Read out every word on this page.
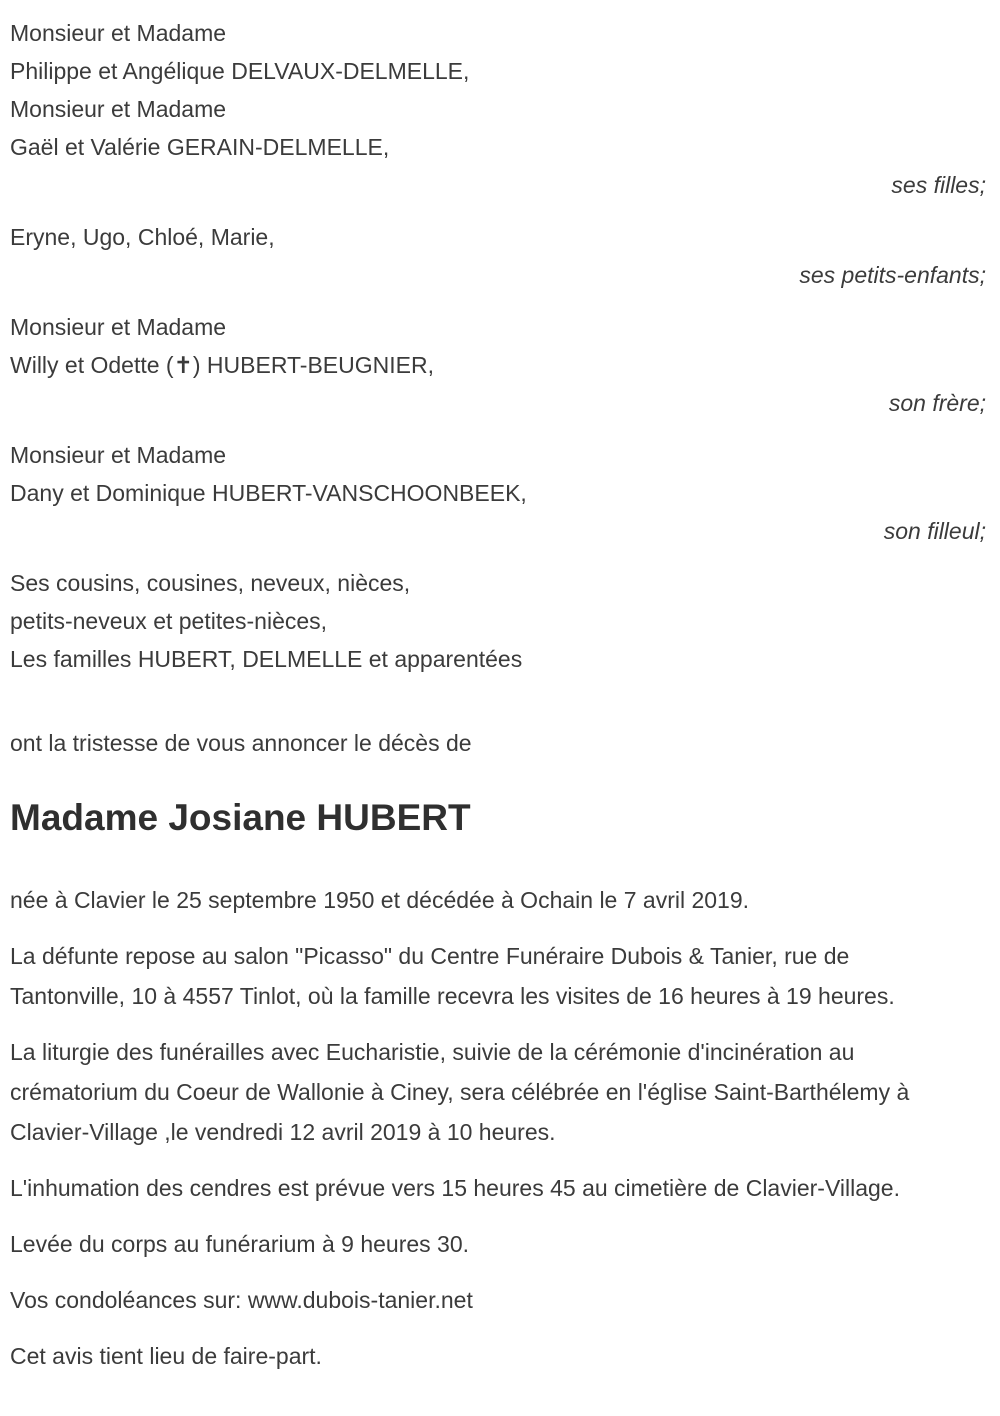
Monsieur et Madame
Philippe et Angélique DELVAUX-DELMELLE,
Monsieur et Madame
Gaël et Valérie GERAIN-DELMELLE,
ses filles;
Eryne, Ugo, Chloé, Marie,
ses petits-enfants;
Monsieur et Madame
Willy et Odette (✝) HUBERT-BEUGNIER,
son frère;
Monsieur et Madame
Dany et Dominique HUBERT-VANSCHOONBEEK,
son filleul;
Ses cousins, cousines, neveux, nièces,
petits-neveux et petites-nièces,
Les familles HUBERT, DELMELLE et apparentées
ont la tristesse de vous annoncer le décès de
Madame Josiane HUBERT

née à Clavier le 25 septembre 1950 et décédée à Ochain le 7 avril 2019.

La défunte repose au salon "Picasso" du Centre Funéraire Dubois & Tanier, rue de Tantonville, 10 à 4557 Tinlot, où la famille recevra les visites de 16 heures à 19 heures.

La liturgie des funérailles avec Eucharistie, suivie de la cérémonie d'incinération au crématorium du Coeur de Wallonie à Ciney, sera célébrée en l'église Saint-Barthélemy à Clavier-Village ,le vendredi 12 avril 2019 à 10 heures.

L'inhumation des cendres est prévue vers 15 heures 45 au cimetière de Clavier-Village.

Levée du corps au funérarium à 9 heures 30.

Vos condoléances sur: www.dubois-tanier.net

Cet avis tient lieu de faire-part.
